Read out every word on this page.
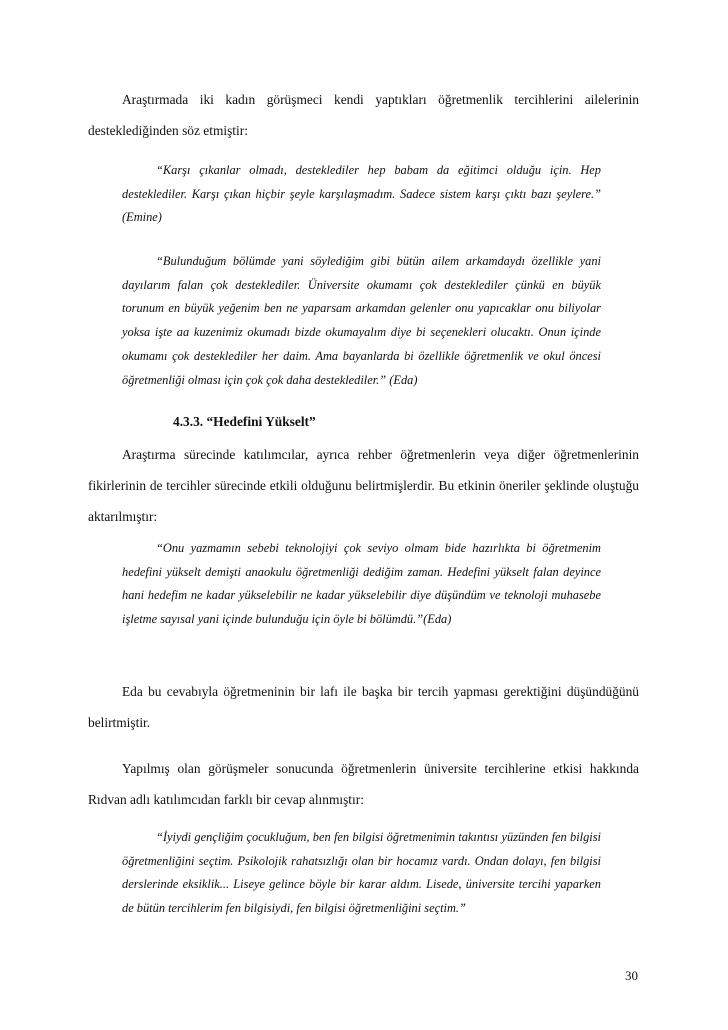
Araştırmada iki kadın görüşmeci kendi yaptıkları öğretmenlik tercihlerini ailelerinin desteklediğinden söz etmiştir:

“Karşı çıkanlar olmadı, desteklediler hep babam da eğitimci olduğu için. Hep desteklediler. Karşı çıkan hiçbir şeyle karşılaşmadım. Sadece sistem karşı çıktı bazı şeylere.” (Emine)

“Bulunduğum bölümde yani söylediğim gibi bütün ailem arkamdaydı özellikle yani dayılarım falan çok desteklediler. Üniversite okumamı çok desteklediler çünkü en büyük torunum en büyük yeğenim ben ne yaparsam arkamdan gelenler onu yapıcaklar onu biliyolar yoksa işte aa kuzenimiz okumadı bizde okumayalım diye bi seçenekleri olucaktı. Onun içinde okumamı çok desteklediler her daim. Ama bayanlarda bi özellikle öğretmenlik ve okul öncesi öğretmenliği olması için çok çok daha desteklediler.” (Eda)

4.3.3. “Hedefini Yükselt”

Araştırma sürecinde katılımcılar, ayrıca rehber öğretmenlerin veya diğer öğretmenlerinin fikirlerinin de tercihler sürecinde etkili olduğunu belirtmişlerdir. Bu etkinin öneriler şeklinde oluştuğu aktarılmıştır:

“Onu yazmamın sebebi teknolojiyi çok seviyo olmam bide hazırlıkta bi öğretmenim hedefini yükselt demişti anaokulu öğretmenliği dediğim zaman. Hedefini yükselt falan deyince hani hedefim ne kadar yükselebilir ne kadar yükselebilir diye düşündüm ve teknoloji muhasebe işletme sayısal yani içinde bulunduğu için öyle bi bölümdü.”(Eda)

Eda bu cevabıyla öğretmeninin bir lafı ile başka bir tercih yapması gerektiğini düşündüğünü belirtmiştir.

Yapılmış olan görüşmeler sonucunda öğretmenlerin üniversite tercihlerine etkisi hakkında Rıdvan adlı katılımcıdan farklı bir cevap alınmıştır:

“İyiydi gençliğim çocukluğum, ben fen bilgisi öğretmenimin takıntısı yüzünden fen bilgisi öğretmenliğini seçtim. Psikolojik rahatsızlığı olan bir hocamız vardı. Ondan dolayı, fen bilgisi derslerinde eksiklik... Liseye gelince böyle bir karar aldım. Lisede, üniversite tercihi yaparken de bütün tercihlerim fen bilgisiydi, fen bilgisi öğretmenliğini seçtim.”

30
